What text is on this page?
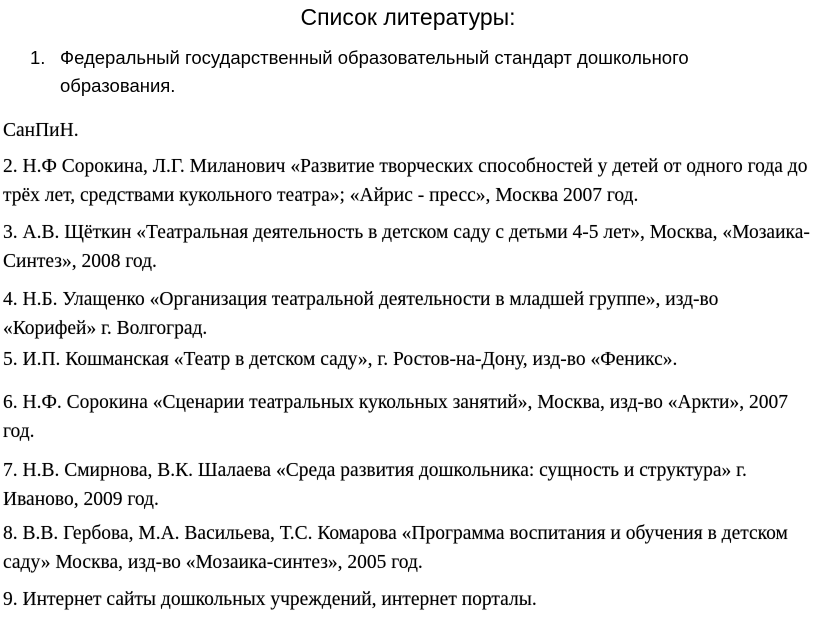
Список литературы:
1. Федеральный государственный образовательный стандарт дошкольного образования.

СанПиН.

2. Н.Ф Сорокина, Л.Г. Миланович «Развитие творческих способностей у детей от одного года до трёх лет, средствами кукольного театра»; «Айрис - пресс», Москва 2007 год.

3. А.В. Щёткин «Театральная деятельность в детском саду с детьми 4-5 лет», Москва, «Мозаика-Синтез», 2008 год.

4. Н.Б. Улащенко «Организация театральной деятельности в младшей группе», изд-во «Корифей» г. Волгоград.

5. И.П. Кошманская «Театр в детском саду», г. Ростов-на-Дону, изд-во «Феникс».

6. Н.Ф. Сорокина «Сценарии театральных кукольных занятий», Москва, изд-во «Аркти», 2007 год.

7. Н.В. Смирнова, В.К. Шалаева «Среда развития дошкольника: сущность и структура» г. Иваново, 2009 год.

8. В.В. Гербова, М.А. Васильева, Т.С. Комарова «Программа воспитания и обучения в детском саду» Москва, изд-во «Мозаика-синтез», 2005 год.

9. Интернет сайты дошкольных учреждений, интернет порталы.
